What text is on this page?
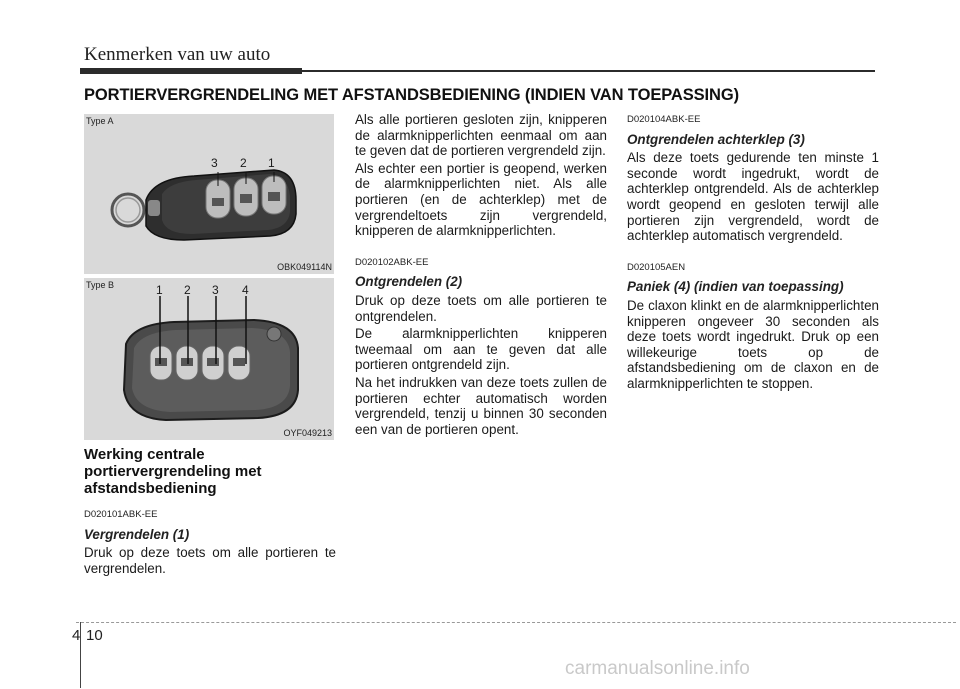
Kenmerken van uw auto
PORTIERVERGRENDELING MET AFSTANDSBEDIENING (INDIEN VAN TOEPASSING)
Type A
3 2 1
OBK049114N
Type B	1 2 3 4
OYF049213
Werking centrale portiervergrendeling met afstandsbediening
D020101ABK-EE
Vergrendelen (1)

Druk op deze toets om alle portieren te vergrendelen.

Als alle portieren gesloten zijn, knipperen de alarmknipperlichten eenmaal om aan te geven dat de portieren vergrendeld zijn.

Als echter een portier is geopend, werken de alarmknipperlichten niet. Als alle portieren (en de achterklep) met de vergrendeltoets zijn vergrendeld, knipperen de alarmknipperlichten.

D020102ABK-EE
Ontgrendelen (2)

Druk op deze toets om alle portieren te ontgrendelen.

De alarmknipperlichten knipperen tweemaal om aan te geven dat alle portieren ontgrendeld zijn.

Na het indrukken van deze toets zullen de portieren echter automatisch worden vergrendeld, tenzij u binnen 30 seconden een van de portieren opent.

D020104ABK-EE
Ontgrendelen achterklep (3)

Als deze toets gedurende ten minste 1 seconde wordt ingedrukt, wordt de achterklep ontgrendeld. Als de achterklep wordt geopend en gesloten terwijl alle portieren zijn vergrendeld, wordt de achterklep automatisch vergrendeld.

D020105AEN
Paniek (4) (indien van toepassing)

De claxon klinkt en de alarmknipperlichten knipperen ongeveer 30 seconden als deze toets wordt ingedrukt. Druk op een willekeurige toets op de afstandsbediening om de claxon en de alarmknipperlichten te stoppen.

4 10
carmanualsonline.info
